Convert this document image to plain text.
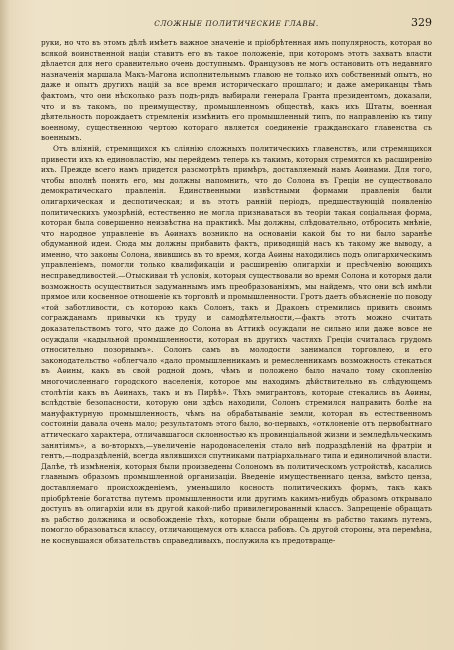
СЛОЖНЫЕ ПОЛИТИЧЕСКИЕ ГЛАВЫ.	329

руки, но что въ этомъ дѣлѣ имѣетъ важное значеніе и пріобрѣтенная имъ популярность, которая во всякой воинственной націи ставитъ его въ такое положеніе, при которомъ этотъ захватъ власти дѣлается для него сравнительно очень доступнымъ. Французовъ не могъ остановить отъ недавняго назначенія маршала Макъ-Магона исполнительнымъ главою не только ихъ собственный опытъ, но даже и опытъ другихъ націй за все время историческаго прошлаго; и даже американцы тѣмъ фактомъ, что они нѣсколько разъ подъ-рядъ выбирали генерала Гранта президентомъ, доказали, что и въ такомъ, по преимуществу, промышленномъ обществѣ, какъ ихъ Штаты, военная дѣятельность порождаетъ стремленія измѣнить его промышленный типъ, по направленію къ типу военному, существенною чертою котораго является соединеніе гражданскаго главенства съ военнымъ.

Отъ вліяній, стремящихся къ сліянію сложныхъ политическихъ главенствъ, или стремящихся привести ихъ къ единовластію, мы перейдемъ теперь къ такимъ, которыя стремятся къ расширенію ихъ. Прежде всего намъ придется разсмотрѣть примѣръ, доставляемый намъ Аѳинами. Для того, чтобы вполнѣ понять его, мы должны напомнить, что до Солона въ Греціи не существовало демократическаго правленія. Единственными извѣстными формами правленія были олигархическая и деспотическая; и въ этотъ ранній періодъ, предшествующій появленію политическихъ умозрѣній, естественно не могла признаваться въ теоріи такая соціальная форма, которая была совершенно неизвѣстна на практикѣ. Мы должны, слѣдовательно, отбросить мнѣніе, что народное управленіе въ Аѳинахъ возникло на основаніи какой бы то ни было заранѣе обдуманной идеи. Сюда мы должны прибавить фактъ, приводящій насъ къ такому же выводу, а именно, что законы Солона, явившись въ то время, когда Аѳины находились подъ олигархическимъ управленіемъ, помогли только квалификаціи и расширенію олигархіи и пресѣченію воющихъ несправедливостей.—Отыскивая тѣ условія, которыя существовали во время Солона и которыя дали возможность осуществиться задуманнымъ имъ преобразованіямъ, мы найдемъ, что они всѣ имѣли прямое или косвенное отношеніе къ торговлѣ и промышленности. Гротъ даетъ объясненіе по поводу «той заботливости, съ которою какъ Солонъ, такъ и Драконъ стремились привить своимъ согражданамъ привычки къ труду и самодѣятельности,—фактъ этотъ можно считать доказательствомъ того, что даже до Солона въ Аттикѣ осуждали не сильно или даже вовсе не осуждали «кадыльной промышленности, которая въ другихъ частяхъ Греціи считалась грудомъ относительно позорнымъ». Солонъ самъ въ молодости занимался торговлею, и его законодательство «облегчало «дало промышленникамъ и ремесленникамъ возможность стекаться въ Аѳины, какъ въ свой родной домъ, чѣмъ и положено было начало тому скопленію многочисленнаго городского населенія, которое мы находимъ дѣйствительно въ слѣдующемъ столѣтіи какъ въ Аѳинахъ, такъ и въ Пирѣѣ». Тѣхъ эмигрантовъ, которые стекались въ Аѳины, вслѣдствіе безопасности, которую они здѣсь находили, Солонъ стремился направить болѣе на мануфактурную промышленность, чѣмъ на обрабатываніе земли, которая въ естественномъ состояніи давала очень мало; результатомъ этого было, во-первыхъ, «отклоненіе отъ первобытнаго аттическаго характера, отличавшагося склонностью къ провинціальной жизни и земледѣльческимъ занятіямъ», а во-вторыхъ,—увеличеніе народонаселенія стало внѣ подраздѣленій на фратріи и гентъ,—подраздѣленій, всегда являвшихся спутниками патріархальнаго типа и единоличной власти. Далѣе, тѣ измѣненія, которыя были произведены Солономъ въ политическомъ устройствѣ, касались главнымъ образомъ промышленной организаціи. Введеніе имущественнаго ценза, вмѣсто ценза, доставляемаго происхожденіемъ, уменьшило косность политическихъ формъ, такъ какъ пріобрѣтеніе богатства путемъ промышленности или другимъ какимъ-нибудь образомъ открывало доступъ въ олигархіи или въ другой какой-либо привилегированный классъ. Запрещеніе обращать въ рабство должника и освобожденіе тѣхъ, которые были обращены въ рабство такимъ путемъ, помогло образоваться классу, отличающемуся отъ класса рабовъ. Съ другой стороны, эта перемѣна, не коснувшаяся обязательствъ справедливыхъ, послужила къ предотвраще-
